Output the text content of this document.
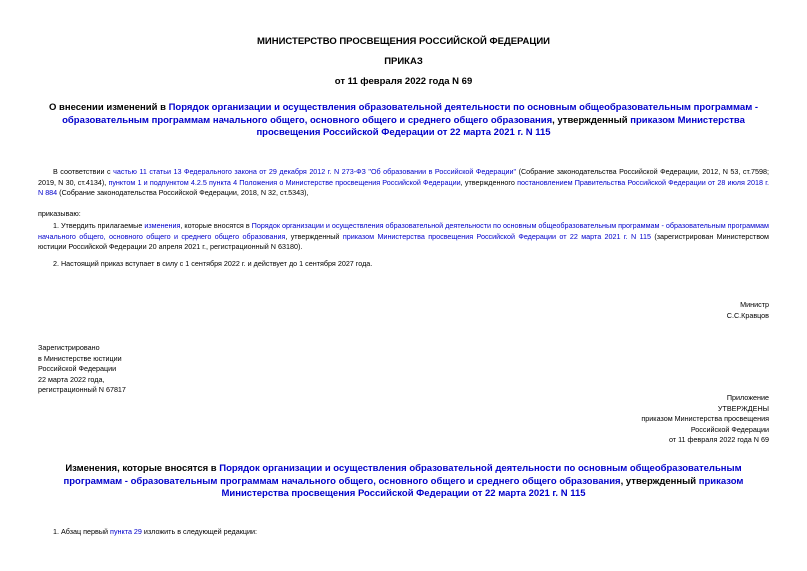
МИНИСТЕРСТВО ПРОСВЕЩЕНИЯ РОССИЙСКОЙ ФЕДЕРАЦИИ
ПРИКАЗ
от 11 февраля 2022 года N 69
О внесении изменений в Порядок организации и осуществления образовательной деятельности по основным общеобразовательным программам - образовательным программам начального общего, основного общего и среднего общего образования, утвержденный приказом Министерства просвещения Российской Федерации от 22 марта 2021 г. N 115
В соответствии с частью 11 статьи 13 Федерального закона от 29 декабря 2012 г. N 273-ФЗ "Об образовании в Российской Федерации" (Собрание законодательства Российской Федерации, 2012, N 53, ст.7598; 2019, N 30, ст.4134), пунктом 1 и подпунктом 4.2.5 пункта 4 Положения о Министерстве просвещения Российской Федерации, утвержденного постановлением Правительства Российской Федерации от 28 июля 2018 г. N 884 (Собрание законодательства Российской Федерации, 2018, N 32, ст.5343),
приказываю:
1. Утвердить прилагаемые изменения, которые вносятся в Порядок организации и осуществления образовательной деятельности по основным общеобразовательным программам - образовательным программам начального общего, основного общего и среднего общего образования, утвержденный приказом Министерства просвещения Российской Федерации от 22 марта 2021 г. N 115 (зарегистрирован Министерством юстиции Российской Федерации 20 апреля 2021 г., регистрационный N 63180).
2. Настоящий приказ вступает в силу с 1 сентября 2022 г. и действует до 1 сентября 2027 года.
Министр
С.С.Кравцов
Зарегистрировано
в Министерстве юстиции
Российской Федерации
22 марта 2022 года,
регистрационный N 67817
Приложение
УТВЕРЖДЕНЫ
приказом Министерства просвещения
Российской Федерации
от 11 февраля 2022 года N 69
Изменения, которые вносятся в Порядок организации и осуществления образовательной деятельности по основным общеобразовательным программам - образовательным программам начального общего, основного общего и среднего общего образования, утвержденный приказом Министерства просвещения Российской Федерации от 22 марта 2021 г. N 115
1. Абзац первый пункта 29 изложить в следующей редакции:
